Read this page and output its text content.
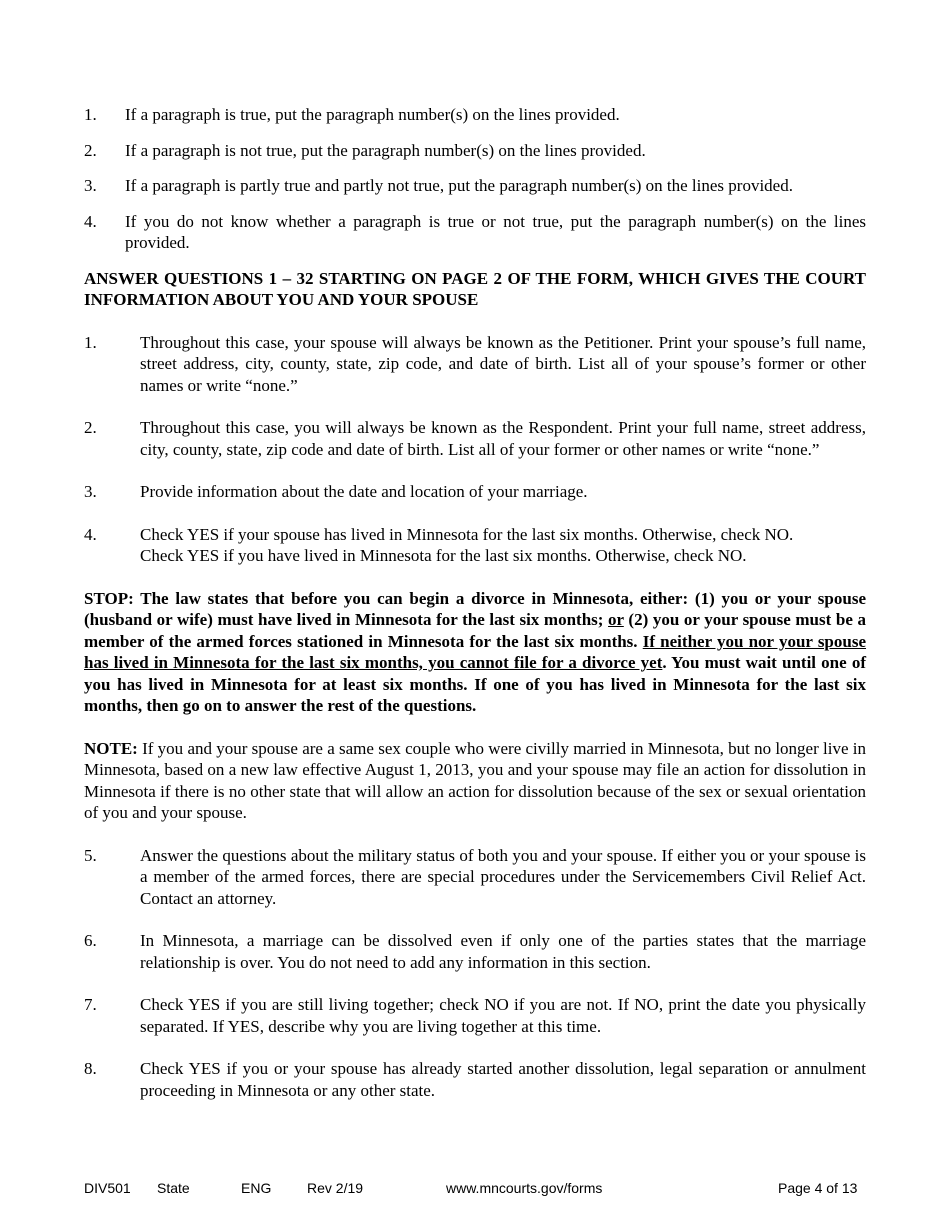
1.	If a paragraph is true, put the paragraph number(s) on the lines provided.
2.	If a paragraph is not true, put the paragraph number(s) on the lines provided.
3.	If a paragraph is partly true and partly not true, put the paragraph number(s) on the lines provided.
4.	If you do not know whether a paragraph is true or not true, put the paragraph number(s) on the lines provided.
ANSWER QUESTIONS 1 – 32 STARTING ON PAGE 2 OF THE FORM, WHICH GIVES THE COURT INFORMATION ABOUT YOU AND YOUR SPOUSE
1.	Throughout this case, your spouse will always be known as the Petitioner. Print your spouse’s full name, street address, city, county, state, zip code, and date of birth. List all of your spouse’s former or other names or write “none.”
2.	Throughout this case, you will always be known as the Respondent. Print your full name, street address, city, county, state, zip code and date of birth. List all of your former or other names or write “none.”
3.	Provide information about the date and location of your marriage.
4.	Check YES if your spouse has lived in Minnesota for the last six months. Otherwise, check NO.

Check YES if you have lived in Minnesota for the last six months. Otherwise, check NO.

STOP: The law states that before you can begin a divorce in Minnesota, either: (1) you or your spouse (husband or wife) must have lived in Minnesota for the last six months; or (2) you or your spouse must be a member of the armed forces stationed in Minnesota for the last six months. If neither you nor your spouse has lived in Minnesota for the last six months, you cannot file for a divorce yet. You must wait until one of you has lived in Minnesota for at least six months. If one of you has lived in Minnesota for the last six months, then go on to answer the rest of the questions.
NOTE: If you and your spouse are a same sex couple who were civilly married in Minnesota, but no longer live in Minnesota, based on a new law effective August 1, 2013, you and your spouse may file an action for dissolution in Minnesota if there is no other state that will allow an action for dissolution because of the sex or sexual orientation of you and your spouse.
5.	Answer the questions about the military status of both you and your spouse. If either you or your spouse is a member of the armed forces, there are special procedures under the Servicemembers Civil Relief Act. Contact an attorney.
6.	In Minnesota, a marriage can be dissolved even if only one of the parties states that the marriage relationship is over. You do not need to add any information in this section.
7.	Check YES if you are still living together; check NO if you are not. If NO, print the date you physically separated. If YES, describe why you are living together at this time.
8.	Check YES if you or your spouse has already started another dissolution, legal separation or annulment proceeding in Minnesota or any other state.
DIV501 State	ENG	Rev 2/19	www.mncourts.gov/forms	Page 4 of 13
